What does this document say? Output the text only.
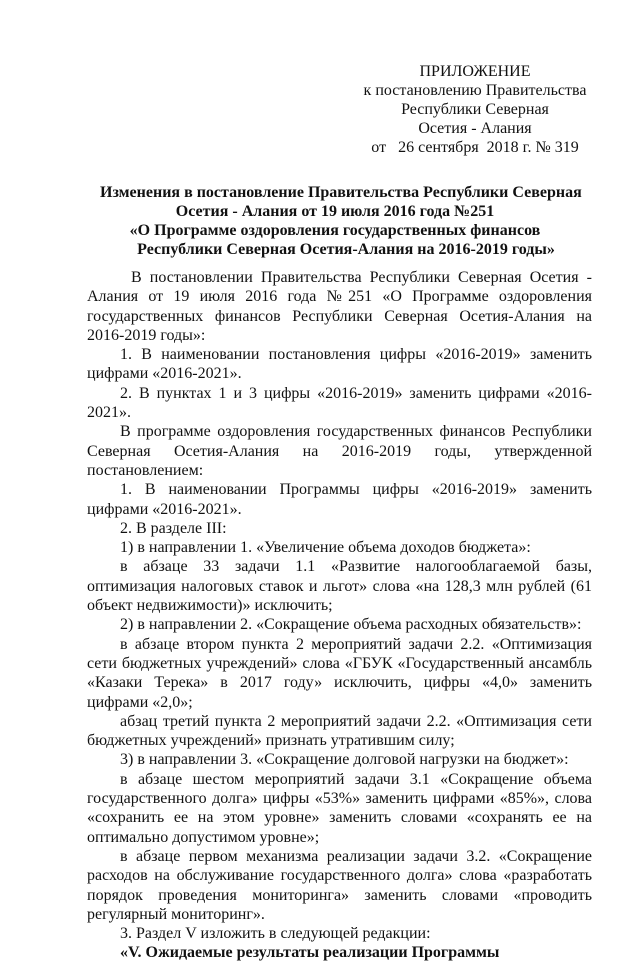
ПРИЛОЖЕНИЕ
к постановлению Правительства
Республики Северная
Осетия - Алания
от   26 сентября  2018 г. № 319
Изменения в постановление Правительства Республики Северная
Осетия - Алания от 19 июля 2016 года №251
«О Программе оздоровления государственных финансов
Республики Северная Осетия-Алания на 2016-2019 годы»

В постановлении Правительства Республики Северная Осетия - Алания от 19 июля 2016 года №251 «О Программе оздоровления государственных финансов Республики Северная Осетия-Алания на 2016-2019 годы»:

1. В наименовании постановления цифры «2016-2019» заменить цифрами «2016-2021».

2. В пунктах 1 и 3 цифры «2016-2019» заменить цифрами «2016-2021».

В программе оздоровления государственных финансов Республики Северная Осетия-Алания на 2016-2019 годы, утвержденной постановлением:

1. В наименовании Программы цифры «2016-2019» заменить цифрами «2016-2021».

2. В разделе III:

1) в направлении 1. «Увеличение объема доходов бюджета»:

в абзаце 33 задачи 1.1 «Развитие налогооблагаемой базы, оптимизация налоговых ставок и льгот» слова «на 128,3 млн рублей (61 объект недвижимости)» исключить;

2) в направлении 2. «Сокращение объема расходных обязательств»:

в абзаце втором пункта 2 мероприятий задачи 2.2. «Оптимизация сети бюджетных учреждений» слова «ГБУК «Государственный ансамбль «Казаки Терека» в 2017 году» исключить, цифры «4,0» заменить цифрами «2,0»;

абзац третий пункта 2 мероприятий задачи 2.2. «Оптимизация сети бюджетных учреждений» признать утратившим силу;

3) в направлении 3. «Сокращение долговой нагрузки на бюджет»:

в абзаце шестом мероприятий задачи 3.1 «Сокращение объема государственного долга» цифры «53%» заменить цифрами «85%», слова «сохранить ее на этом уровне» заменить словами «сохранять ее на оптимально допустимом уровне»;

в абзаце первом механизма реализации задачи 3.2. «Сокращение расходов на обслуживание государственного долга» слова «разработать порядок проведения мониторинга» заменить словами «проводить регулярный мониторинг».

3. Раздел V изложить в следующей редакции:

«V. Ожидаемые результаты реализации Программы
